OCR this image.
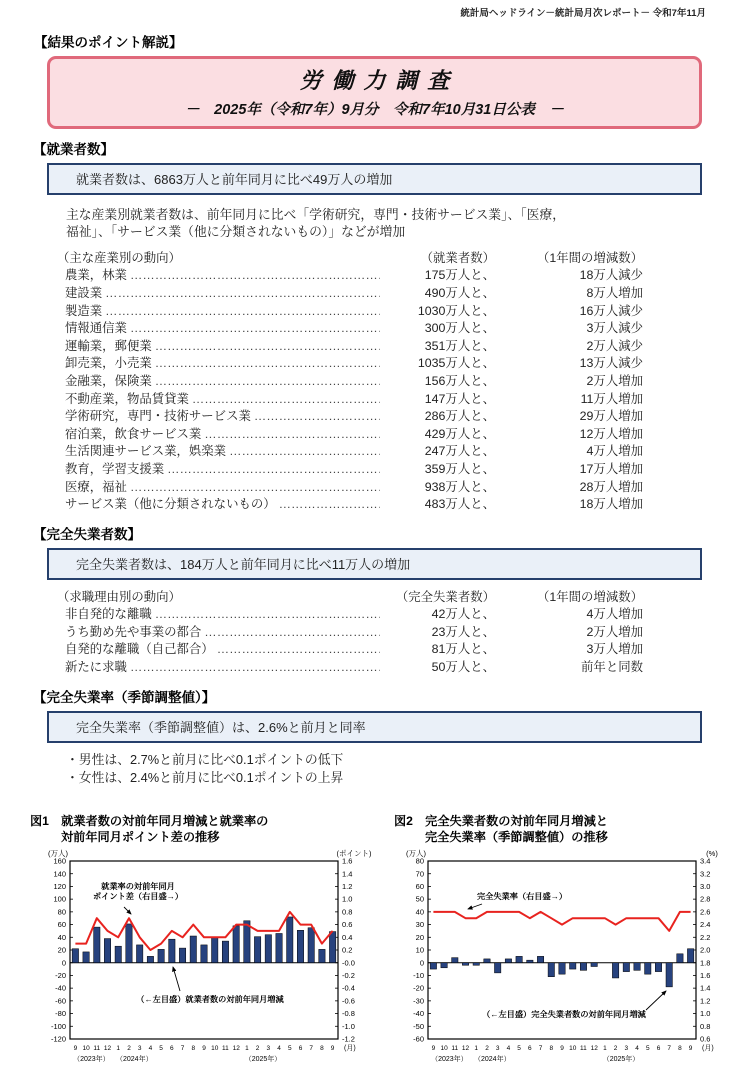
統計局ヘッドライン－統計局月次レポート－ 令和7年11月
【結果のポイント解説】
労働力調査
－　2025年（令和7年）9月分　令和7年10月31日公表　－
【就業者数】
就業者数は、6863万人と前年同月に比べ49万人の増加
主な産業別就業者数は、前年同月に比べ「学術研究，専門・技術サービス業」、「医療，
福祉」、「サービス業（他に分類されないもの）」などが増加
（主な産業別の動向）	（就業者数）	（1年間の増減数）
農業，林業 …………………………………………………………………………………………	175万人と、	18万人減少
建設業 …………………………………………………………………………………………	490万人と、	8万人増加
製造業 …………………………………………………………………………………………	1030万人と、	16万人減少
情報通信業 …………………………………………………………………………………………	300万人と、	3万人減少
運輸業，郵便業 …………………………………………………………………………………………	351万人と、	2万人減少
卸売業，小売業 …………………………………………………………………………………………	1035万人と、	13万人減少
金融業，保険業 …………………………………………………………………………………………	156万人と、	2万人増加
不動産業，物品賃貸業 …………………………………………………………………………………………	147万人と、	11万人増加
学術研究，専門・技術サービス業 …………………………………………………………………………………………	286万人と、	29万人増加
宿泊業，飲食サービス業 …………………………………………………………………………………………	429万人と、	12万人増加
生活関連サービス業，娯楽業 …………………………………………………………………………………………	247万人と、	4万人増加
教育，学習支援業 …………………………………………………………………………………………	359万人と、	17万人増加
医療，福祉 …………………………………………………………………………………………	938万人と、	28万人増加
サービス業（他に分類されないもの） …………………………………………………………………………………………	483万人と、	18万人増加
【完全失業者数】
完全失業者数は、184万人と前年同月に比べ11万人の増加
（求職理由別の動向）	（完全失業者数）	（1年間の増減数）
非自発的な離職 …………………………………………………………………………………………	42万人と、	4万人増加
うち勤め先や事業の都合 …………………………………………………………………………………………	23万人と、	2万人増加
自発的な離職（自己都合） …………………………………………………………………………………………	81万人と、	3万人増加
新たに求職 …………………………………………………………………………………………	50万人と、	前年と同数
【完全失業率（季節調整値）】
完全失業率（季節調整値）は、2.6%と前月と同率
・男性は、2.7%と前月に比べ0.1ポイントの低下
・女性は、2.4%と前月に比べ0.1ポイントの上昇
図1　就業者数の対前年同月増減と就業率の
対前年同月ポイント差の推移
-120
-100
-80
-60
-40
-20
0
20
40
60
80
100
120
140
160
-1.2
-1.0
-0.8
-0.6
-0.4
-0.2
-0.0
0.2
0.4
0.6
0.8
1.0
1.2
1.4
1.6
9 10 11 12 1 2 3 4 5 6 7 8 9 10 11 12 1 2 3 4 5 6 7 8 9 (月)
（2023年） （2024年）	（2025年）
(万人)	(ポイント)
就業率の対前年同月
ポイント差（右目盛→）
（←左目盛）就業者数の対前年同月増減
図2　完全失業者数の対前年同月増減と
完全失業率（季節調整値）の推移
-60
-50
-40
-30
-20
-10
0
10
20
30
40
50
60
70
80
0.6
0.8
1.0
1.2
1.4
1.6
1.8
2.0
2.2
2.4
2.6
2.8
3.0
3.2
3.4
9 10 11 12 1 2 3 4 5 6 7 8 9 10 11 12 1 2 3 4 5 6 7 8 9 (月)
（2023年） （2024年）	（2025年）
(万人)	(%)
完全失業率（右目盛→）
（←左目盛）完全失業者数の対前年同月増減
